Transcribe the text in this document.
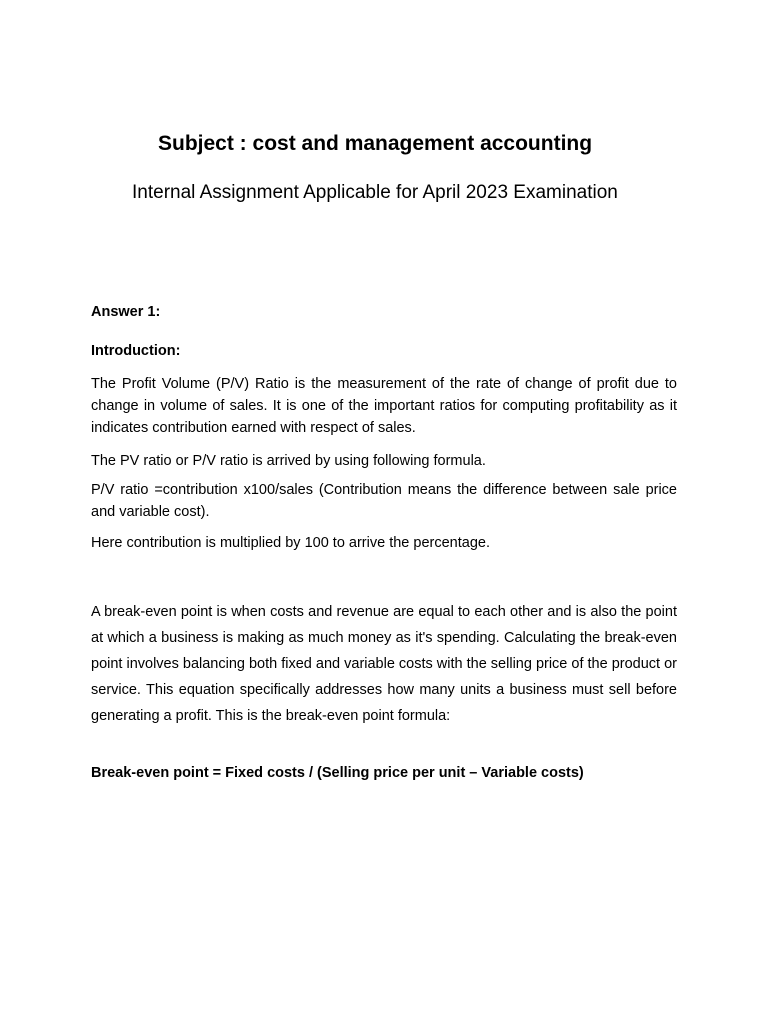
Subject : cost and management accounting
Internal Assignment Applicable for April 2023 Examination
Answer 1:
Introduction:

The Profit Volume (P/V) Ratio is the measurement of the rate of change of profit due to change in volume of sales. It is one of the important ratios for computing profitability as it indicates contribution earned with respect of sales.

The PV ratio or P/V ratio is arrived by using following formula.

P/V ratio =contribution x100/sales (Contribution means the difference between sale price and variable cost).

Here contribution is multiplied by 100 to arrive the percentage.

A break-even point is when costs and revenue are equal to each other and is also the point at which a business is making as much money as it's spending. Calculating the break-even point involves balancing both fixed and variable costs with the selling price of the product or service. This equation specifically addresses how many units a business must sell before generating a profit. This is the break-even point formula:

Break-even point = Fixed costs / (Selling price per unit – Variable costs)
